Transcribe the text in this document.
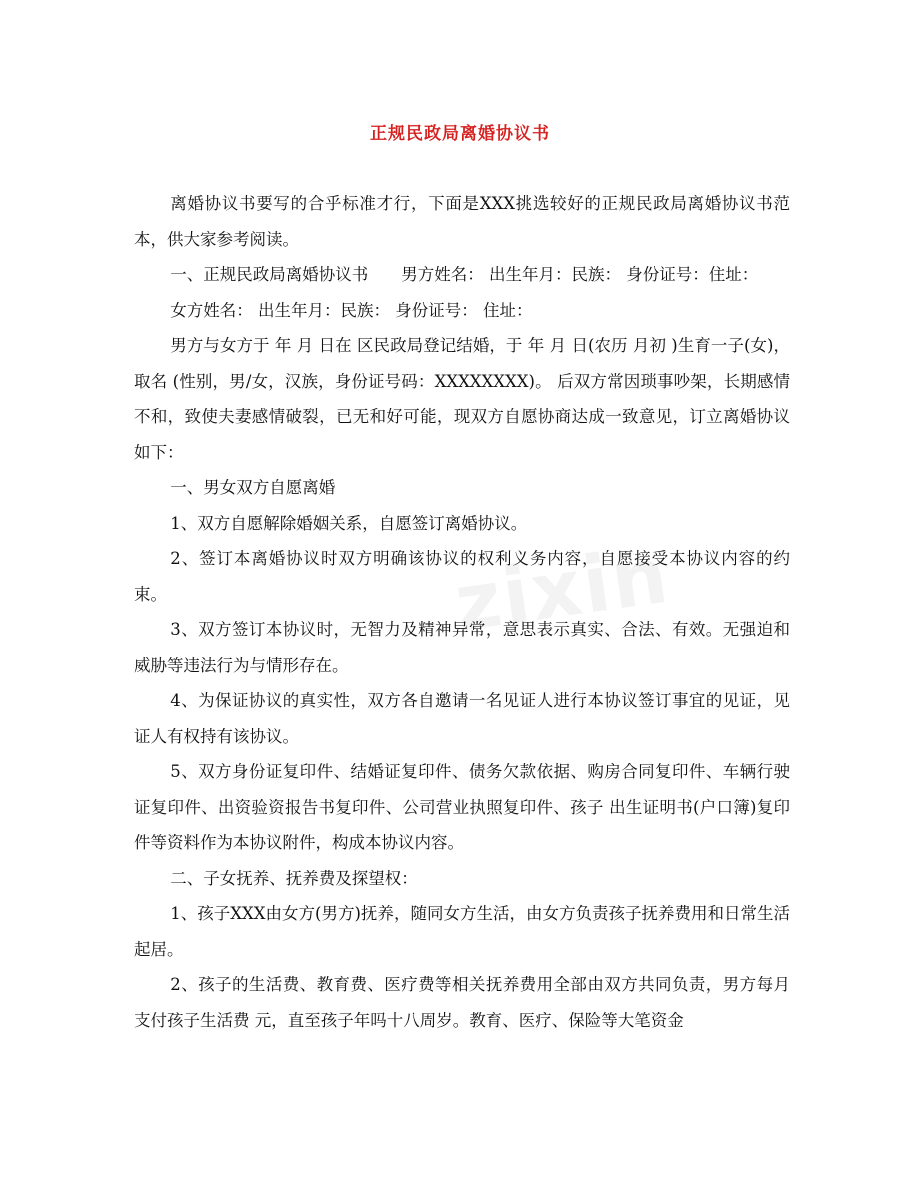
正规民政局离婚协议书

离婚协议书要写的合乎标准才行，下面是XXX挑选较好的正规民政局离婚协议书范本，供大家参考阅读。

一、正规民政局离婚协议书 男方姓名： 出生年月：民族： 身份证号：住址：

女方姓名： 出生年月：民族： 身份证号： 住址：

男方与女方于 年 月 日在 区民政局登记结婚，于 年 月 日(农历 月初 )生育一子(女)，取名 (性别，男/女，汉族，身份证号码：XXXXXXXX)。 后双方常因琐事吵架，长期感情不和，致使夫妻感情破裂，已无和好可能，现双方自愿协商达成一致意见，订立离婚协议如下：

一、男女双方自愿离婚

1、双方自愿解除婚姻关系，自愿签订离婚协议。

2、签订本离婚协议时双方明确该协议的权利义务内容，自愿接受本协议内容的约束。

3、双方签订本协议时，无智力及精神异常，意思表示真实、合法、有效。无强迫和威胁等违法行为与情形存在。

4、为保证协议的真实性，双方各自邀请一名见证人进行本协议签订事宜的见证，见证人有权持有该协议。

5、双方身份证复印件、结婚证复印件、债务欠款依据、购房合同复印件、车辆行驶证复印件、出资验资报告书复印件、公司营业执照复印件、孩子 出生证明书(户口簿)复印件等资料作为本协议附件，构成本协议内容。

二、子女抚养、抚养费及探望权：

1、孩子XXX由女方(男方)抚养，随同女方生活，由女方负责孩子抚养费用和日常生活起居。

2、孩子的生活费、教育费、医疗费等相关抚养费用全部由双方共同负责，男方每月支付孩子生活费 元，直至孩子年吗十八周岁。教育、医疗、保险等大笔资金
